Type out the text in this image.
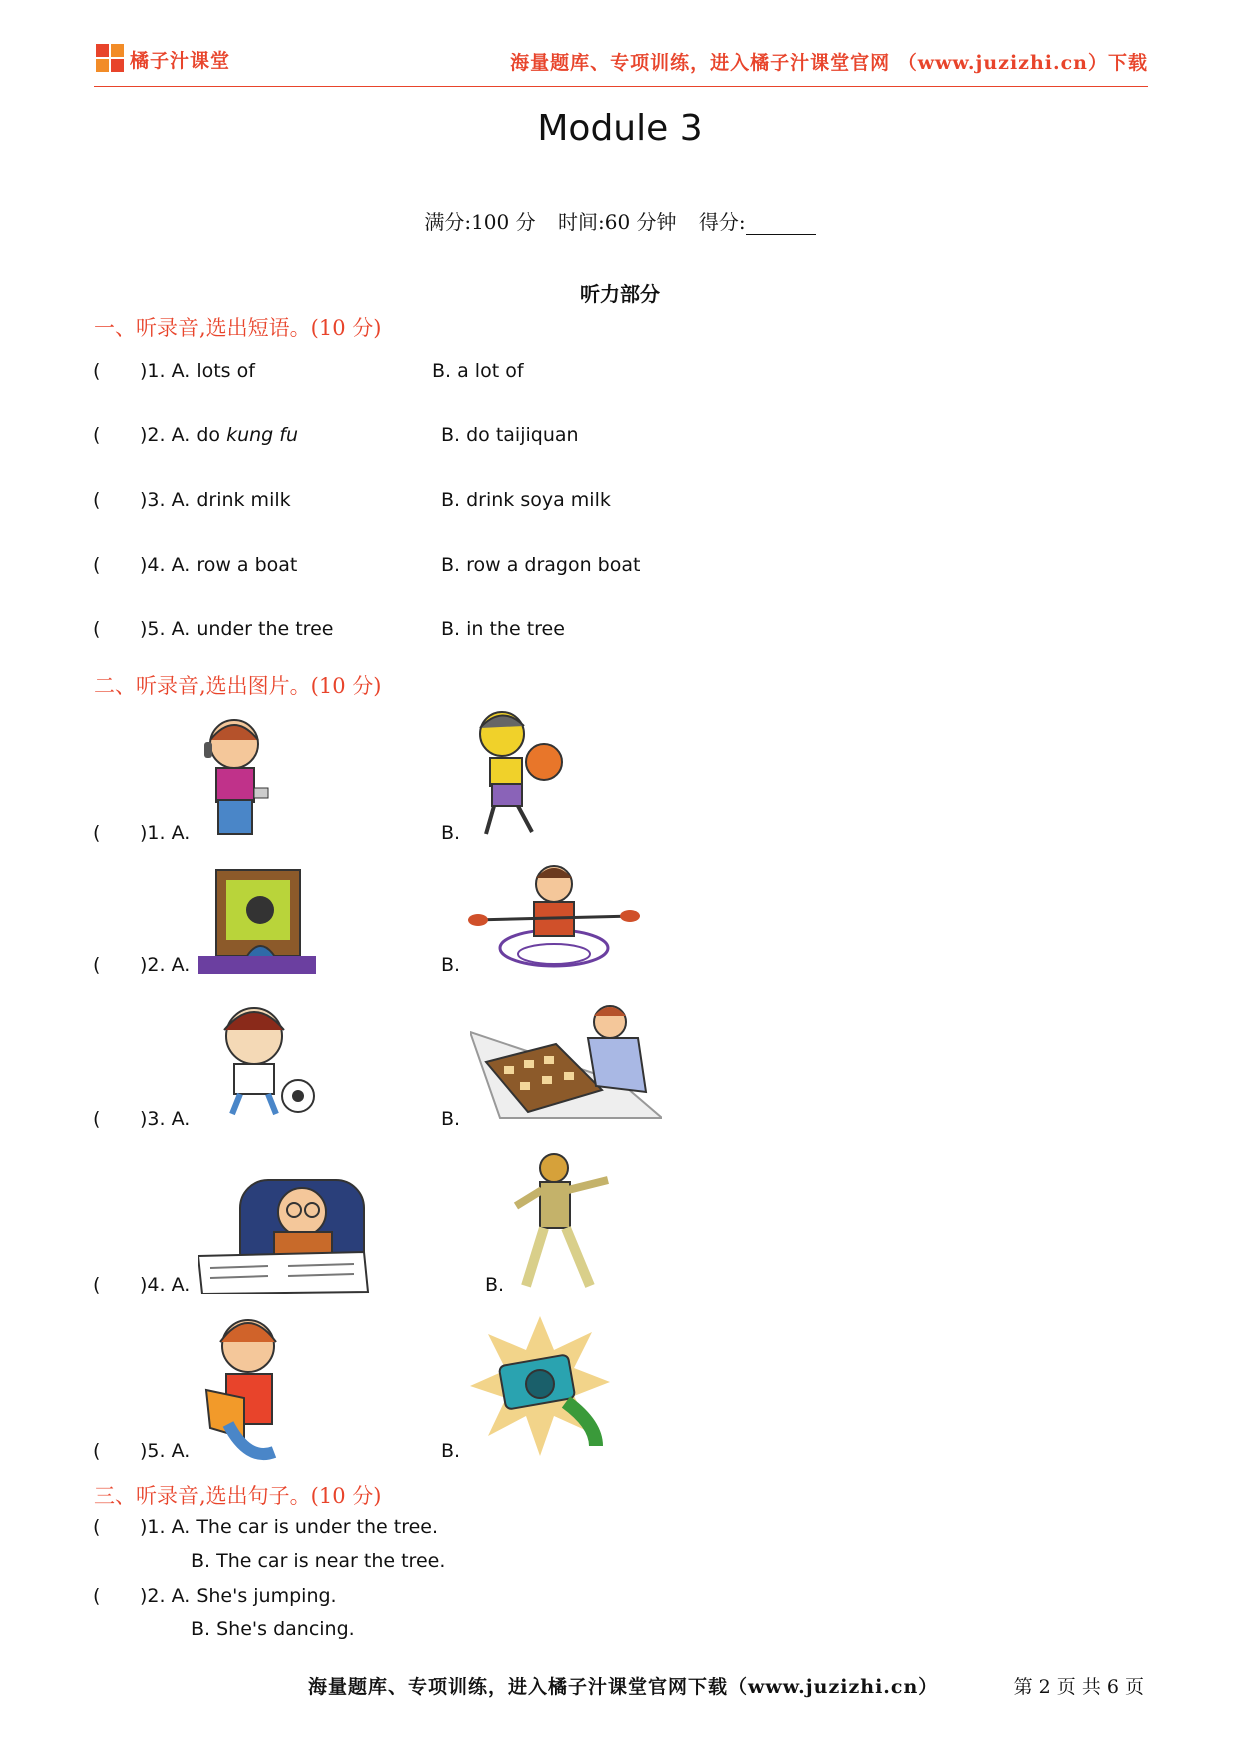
橘子汁课堂	海量题库、专项训练，进入橘子汁课堂官网 （www.juzizhi.cn）下载
Module 3
满分:100 分 时间:60 分钟 得分:
听力部分
一、听录音,选出短语。(10 分)
( )1. A. lots of	B. a lot of
( )2. A. do kung fu	B. do taijiquan
( )3. A. drink milk	B. drink soya milk
( )4. A. row a boat	B. row a dragon boat
( )5. A. under the tree	B. in the tree
二、听录音,选出图片。(10 分)
( )1. A.	B.
( )2. A.	B.
( )3. A.	B.
( )4. A.	B.
( )5. A.	B.
三、听录音,选出句子。(10 分)
( )1. A. The car is under the tree.
B. The car is near the tree.
( )2. A. She's jumping.
B. She's dancing.
海量题库、专项训练，进入橘子汁课堂官网下载（www.juzizhi.cn）	第 2 页 共 6 页
